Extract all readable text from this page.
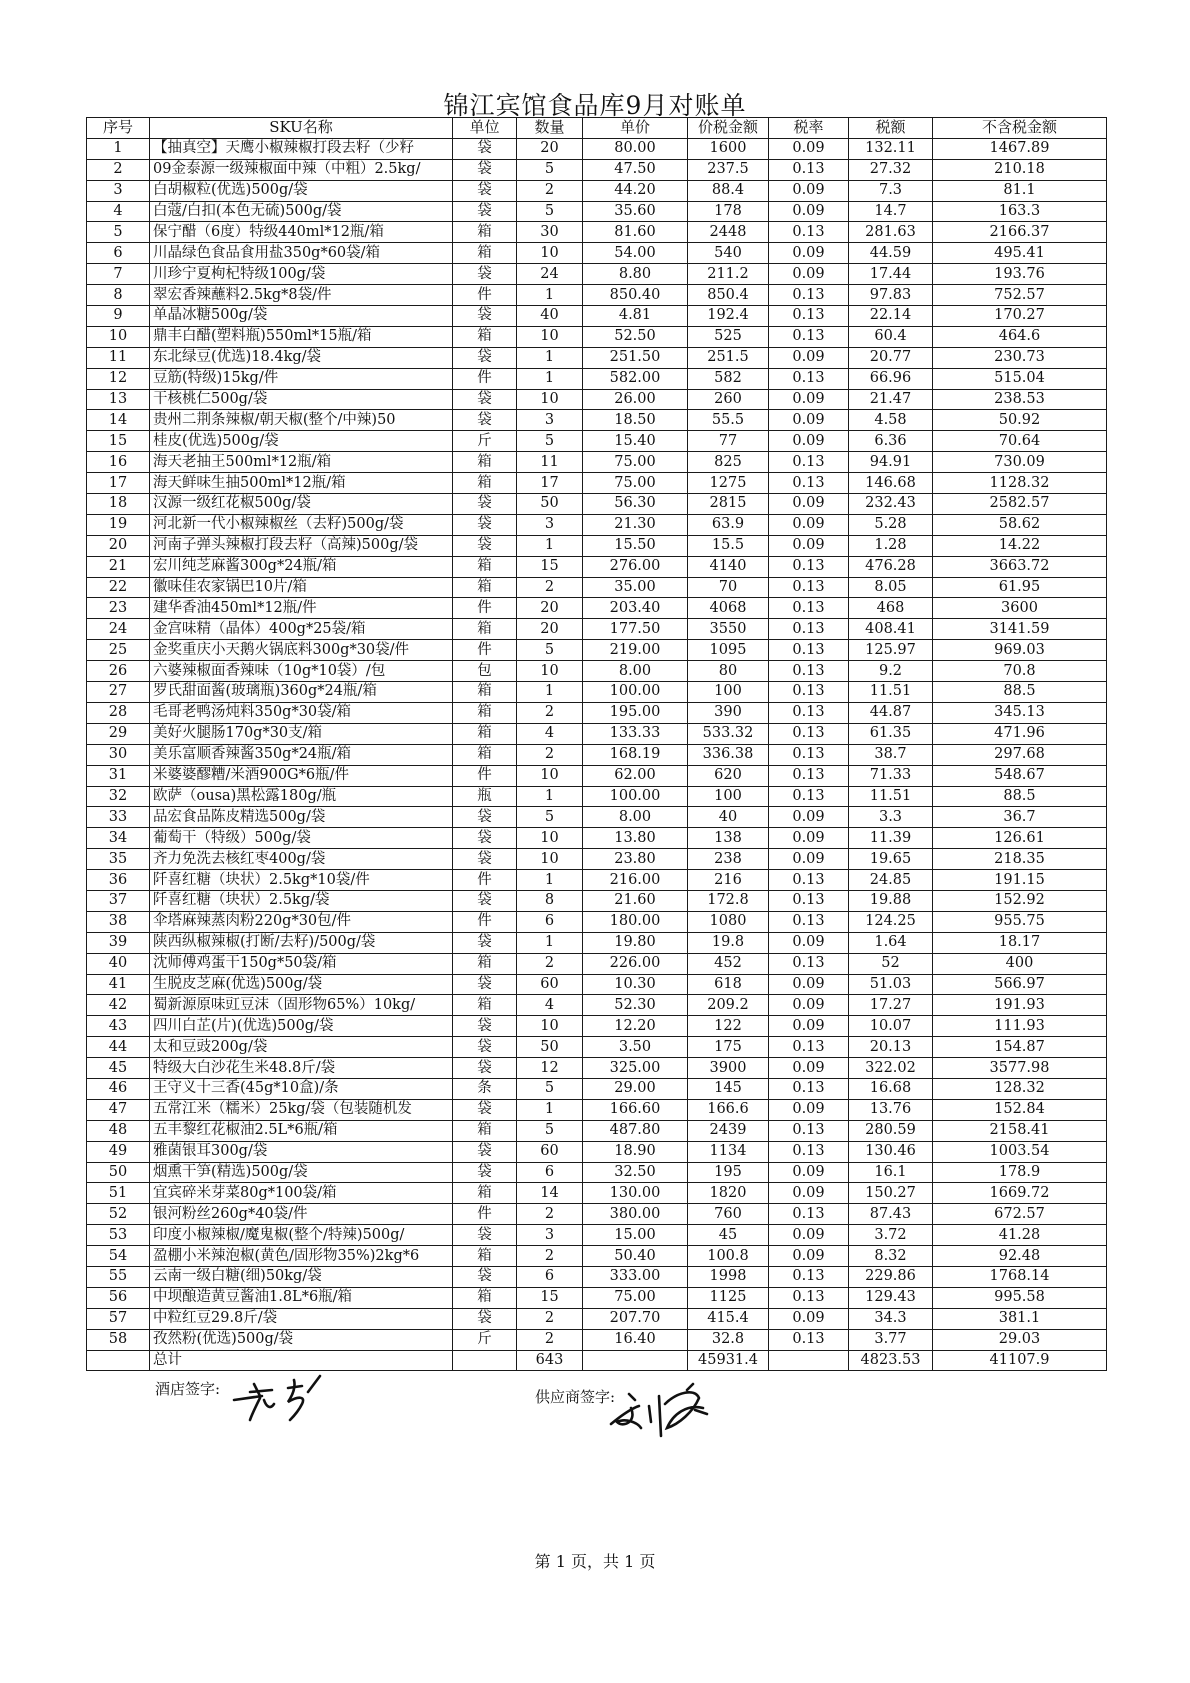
锦江宾馆食品库9月对账单
序号	SKU名称	单位	数量	单价	价税金额	税率	税额	不含税金额
1	【抽真空】天鹰小椒辣椒打段去籽（少籽	袋	20	80.00	1600	0.09	132.11	1467.89
2	09金泰源一级辣椒面中辣（中粗）2.5kg/	袋	5	47.50	237.5	0.13	27.32	210.18
3	白胡椒粒(优选)500g/袋	袋	2	44.20	88.4	0.09	7.3	81.1
4	白蔻/白扣(本色无硫)500g/袋	袋	5	35.60	178	0.09	14.7	163.3
5	保宁醋（6度）特级440ml*12瓶/箱	箱	30	81.60	2448	0.13	281.63	2166.37
6	川晶绿色食品食用盐350g*60袋/箱	箱	10	54.00	540	0.09	44.59	495.41
7	川珍宁夏枸杞特级100g/袋	袋	24	8.80	211.2	0.09	17.44	193.76
8	翠宏香辣蘸料2.5kg*8袋/件	件	1	850.40	850.4	0.13	97.83	752.57
9	单晶冰糖500g/袋	袋	40	4.81	192.4	0.13	22.14	170.27
10	鼎丰白醋(塑料瓶)550ml*15瓶/箱	箱	10	52.50	525	0.13	60.4	464.6
11	东北绿豆(优选)18.4kg/袋	袋	1	251.50	251.5	0.09	20.77	230.73
12	豆筋(特级)15kg/件	件	1	582.00	582	0.13	66.96	515.04
13	干核桃仁500g/袋	袋	10	26.00	260	0.09	21.47	238.53
14	贵州二荆条辣椒/朝天椒(整个/中辣)50	袋	3	18.50	55.5	0.09	4.58	50.92
15	桂皮(优选)500g/袋	斤	5	15.40	77	0.09	6.36	70.64
16	海天老抽王500ml*12瓶/箱	箱	11	75.00	825	0.13	94.91	730.09
17	海天鲜味生抽500ml*12瓶/箱	箱	17	75.00	1275	0.13	146.68	1128.32
18	汉源一级红花椒500g/袋	袋	50	56.30	2815	0.09	232.43	2582.57
19	河北新一代小椒辣椒丝（去籽)500g/袋	袋	3	21.30	63.9	0.09	5.28	58.62
20	河南子弹头辣椒打段去籽（高辣)500g/袋	袋	1	15.50	15.5	0.09	1.28	14.22
21	宏川纯芝麻酱300g*24瓶/箱	箱	15	276.00	4140	0.13	476.28	3663.72
22	徽味佳农家锅巴10片/箱	箱	2	35.00	70	0.13	8.05	61.95
23	建华香油450ml*12瓶/件	件	20	203.40	4068	0.13	468	3600
24	金宫味精（晶体）400g*25袋/箱	箱	20	177.50	3550	0.13	408.41	3141.59
25	金奖重庆小天鹅火锅底料300g*30袋/件	件	5	219.00	1095	0.13	125.97	969.03
26	六婆辣椒面香辣味（10g*10袋）/包	包	10	8.00	80	0.13	9.2	70.8
27	罗氏甜面酱(玻璃瓶)360g*24瓶/箱	箱	1	100.00	100	0.13	11.51	88.5
28	毛哥老鸭汤炖料350g*30袋/箱	箱	2	195.00	390	0.13	44.87	345.13
29	美好火腿肠170g*30支/箱	箱	4	133.33	533.32	0.13	61.35	471.96
30	美乐富顺香辣酱350g*24瓶/箱	箱	2	168.19	336.38	0.13	38.7	297.68
31	米婆婆醪糟/米酒900G*6瓶/件	件	10	62.00	620	0.13	71.33	548.67
32	欧萨（ousa)黑松露180g/瓶	瓶	1	100.00	100	0.13	11.51	88.5
33	品宏食品陈皮精选500g/袋	袋	5	8.00	40	0.09	3.3	36.7
34	葡萄干（特级）500g/袋	袋	10	13.80	138	0.09	11.39	126.61
35	齐力免洗去核红枣400g/袋	袋	10	23.80	238	0.09	19.65	218.35
36	阡喜红糖（块状）2.5kg*10袋/件	件	1	216.00	216	0.13	24.85	191.15
37	阡喜红糖（块状）2.5kg/袋	袋	8	21.60	172.8	0.13	19.88	152.92
38	伞塔麻辣蒸肉粉220g*30包/件	件	6	180.00	1080	0.13	124.25	955.75
39	陕西纵椒辣椒(打断/去籽)/500g/袋	袋	1	19.80	19.8	0.09	1.64	18.17
40	沈师傅鸡蛋干150g*50袋/箱	箱	2	226.00	452	0.13	52	400
41	生脱皮芝麻(优选)500g/袋	袋	60	10.30	618	0.09	51.03	566.97
42	蜀新源原味豇豆沫（固形物65%）10kg/	箱	4	52.30	209.2	0.09	17.27	191.93
43	四川白芷(片)(优选)500g/袋	袋	10	12.20	122	0.09	10.07	111.93
44	太和豆豉200g/袋	袋	50	3.50	175	0.13	20.13	154.87
45	特级大白沙花生米48.8斤/袋	袋	12	325.00	3900	0.09	322.02	3577.98
46	王守义十三香(45g*10盒)/条	条	5	29.00	145	0.13	16.68	128.32
47	五常江米（糯米）25kg/袋（包装随机发	袋	1	166.60	166.6	0.09	13.76	152.84
48	五丰黎红花椒油2.5L*6瓶/箱	箱	5	487.80	2439	0.13	280.59	2158.41
49	雅菌银耳300g/袋	袋	60	18.90	1134	0.13	130.46	1003.54
50	烟熏干笋(精选)500g/袋	袋	6	32.50	195	0.09	16.1	178.9
51	宜宾碎米芽菜80g*100袋/箱	箱	14	130.00	1820	0.09	150.27	1669.72
52	银河粉丝260g*40袋/件	件	2	380.00	760	0.13	87.43	672.57
53	印度小椒辣椒/魔鬼椒(整个/特辣)500g/	袋	3	15.00	45	0.09	3.72	41.28
54	盈棚小米辣泡椒(黄色/固形物35%)2kg*6	箱	2	50.40	100.8	0.09	8.32	92.48
55	云南一级白糖(细)50kg/袋	袋	6	333.00	1998	0.13	229.86	1768.14
56	中坝酿造黄豆酱油1.8L*6瓶/箱	箱	15	75.00	1125	0.13	129.43	995.58
57	中粒红豆29.8斤/袋	袋	2	207.70	415.4	0.09	34.3	381.1
58	孜然粉(优选)500g/袋	斤	2	16.40	32.8	0.13	3.77	29.03
	总计		643		45931.4		4823.53	41107.9
酒店签字:	供应商签字:
第 1 页，共 1 页
